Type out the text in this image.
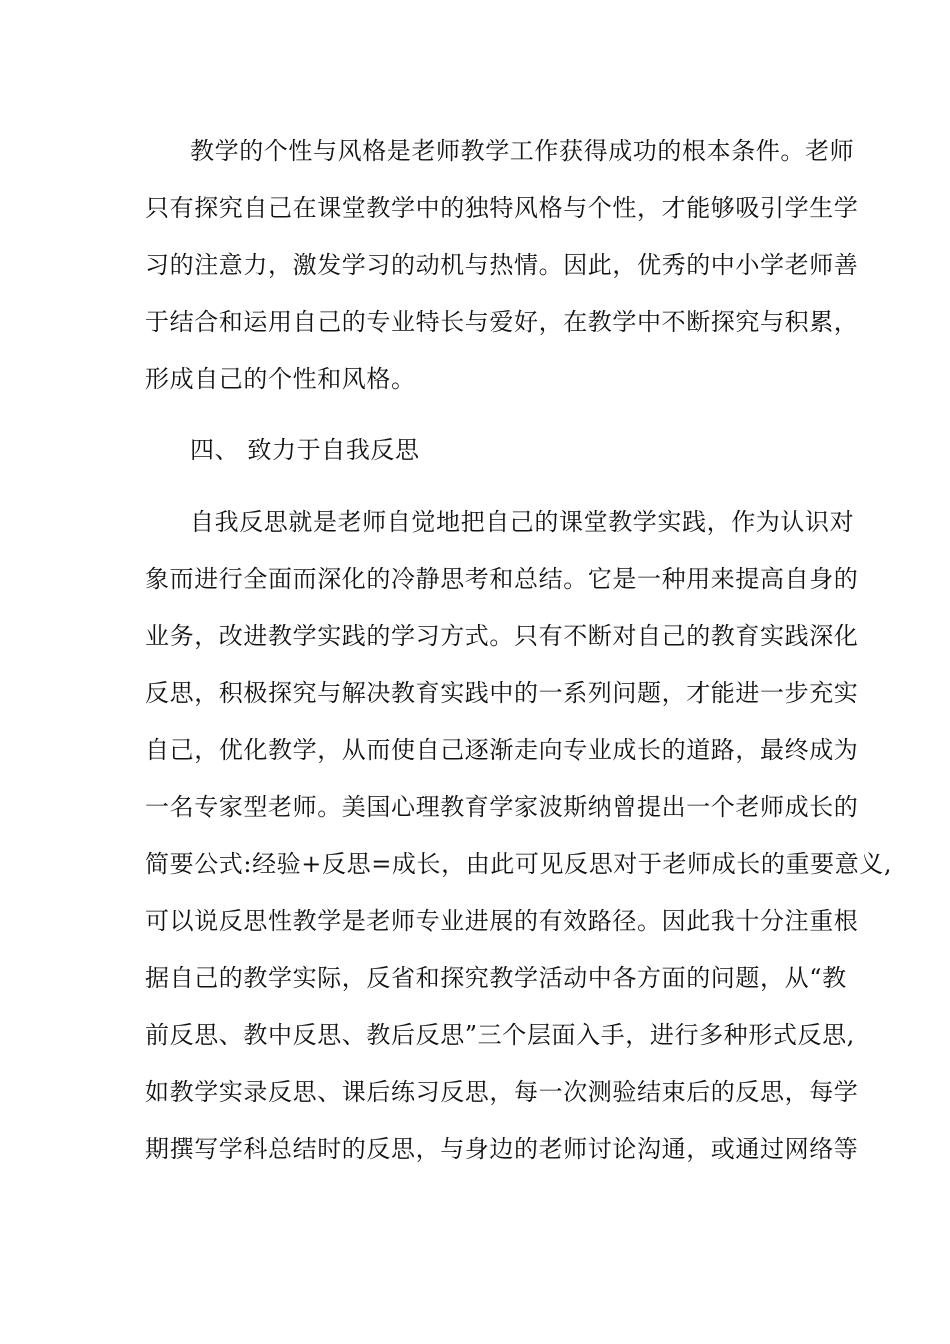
教学的个性与风格是老师教学工作获得成功的根本条件。老师
只有探究自己在课堂教学中的独特风格与个性，才能够吸引学生学
习的注意力，激发学习的动机与热情。因此，优秀的中小学老师善
于结合和运用自己的专业特长与爱好，在教学中不断探究与积累，
形成自己的个性和风格。
四、 致力于自我反思
自我反思就是老师自觉地把自己的课堂教学实践，作为认识对
象而进行全面而深化的冷静思考和总结。它是一种用来提高自身的
业务，改进教学实践的学习方式。只有不断对自己的教育实践深化
反思，积极探究与解决教育实践中的一系列问题，才能进一步充实
自己，优化教学，从而使自己逐渐走向专业成长的道路，最终成为
一名专家型老师。美国心理教育学家波斯纳曾提出一个老师成长的
简要公式:经验+反思=成长，由此可见反思对于老师成长的重要意义,
可以说反思性教学是老师专业进展的有效路径。因此我十分注重根
据自己的教学实际，反省和探究教学活动中各方面的问题，从“教
前反思、教中反思、教后反思”三个层面入手，进行多种形式反思,
如教学实录反思、课后练习反思，每一次测验结束后的反思，每学
期撰写学科总结时的反思，与身边的老师讨论沟通，或通过网络等
